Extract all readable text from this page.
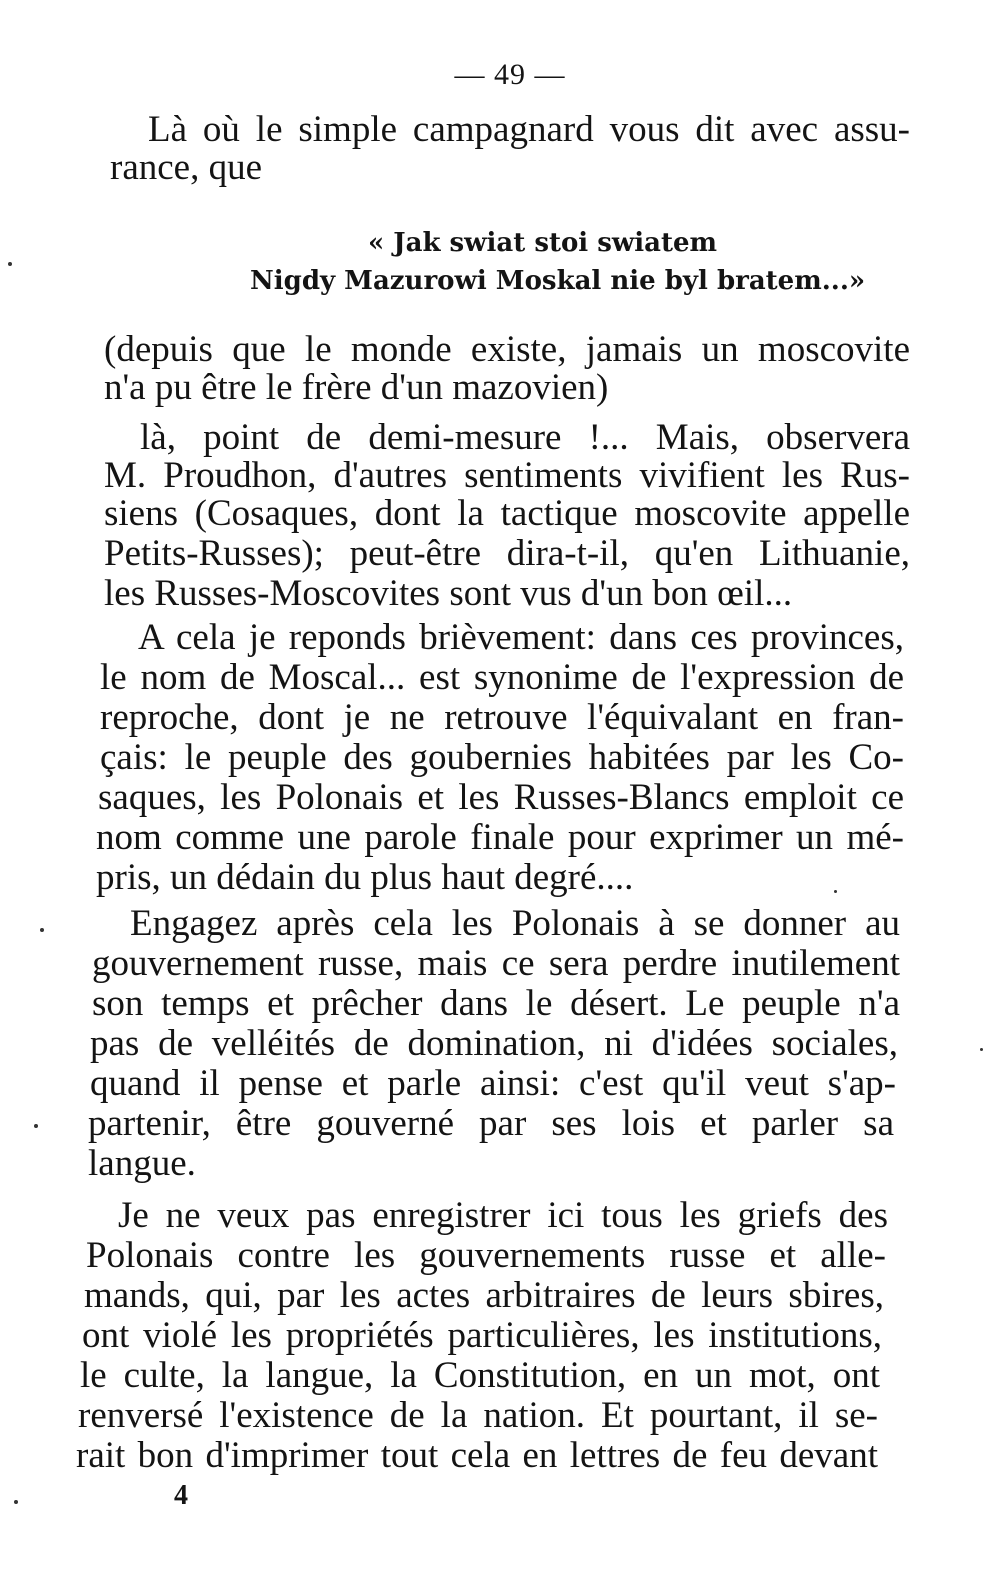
— 49 —
Là où le simple campagnard vous dit avec assu-
rance, que
« Jak swiat stoi swiatem
Nigdy Mazurowi Moskal nie byl bratem...»
(depuis que le monde existe, jamais un moscovite
n'a pu être le frère d'un mazovien)
là, point de demi-mesure !... Mais, observera
M. Proudhon, d'autres sentiments vivifient les Rus-
siens (Cosaques, dont la tactique moscovite appelle
Petits-Russes); peut-être dira-t-il, qu'en Lithuanie,
les Russes-Moscovites sont vus d'un bon œil...
A cela je reponds brièvement: dans ces provinces,
le nom de Moscal... est synonime de l'expression de
reproche, dont je ne retrouve l'équivalant en fran-
çais: le peuple des goubernies habitées par les Co-
saques, les Polonais et les Russes-Blancs emploit ce
nom comme une parole finale pour exprimer un mé-
pris, un dédain du plus haut degré....
Engagez après cela les Polonais à se donner au
gouvernement russe, mais ce sera perdre inutilement
son temps et prêcher dans le désert. Le peuple n'a
pas de velléités de domination, ni d'idées sociales,
quand il pense et parle ainsi: c'est qu'il veut s'ap-
partenir, être gouverné par ses lois et parler sa
langue.
Je ne veux pas enregistrer ici tous les griefs des
Polonais contre les gouvernements russe et alle-
mands, qui, par les actes arbitraires de leurs sbires,
ont violé les propriétés particulières, les institutions,
le culte, la langue, la Constitution, en un mot, ont
renversé l'existence de la nation. Et pourtant, il se-
rait bon d'imprimer tout cela en lettres de feu devant
4
